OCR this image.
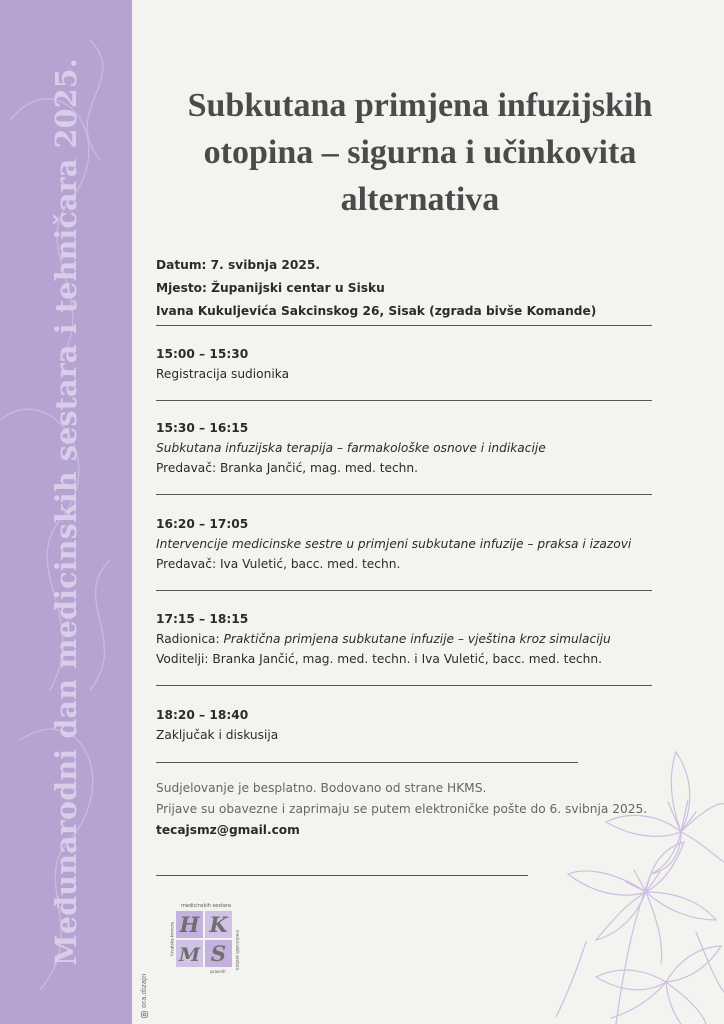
Međunarodni dan medicinskih sestara i tehničara 2025.
ora.dizajn
Subkutana primjena infuzijskih otopina – sigurna i učinkovita alternativa
Datum: 7. svibnja 2025.
Mjesto: Županijski centar u Sisku
Ivana Kukuljevića Sakcinskog 26, Sisak (zgrada bivše Komande)
15:00 – 15:30
Registracija sudionika
15:30 – 16:15
Subkutana infuzijska terapija – farmakološke osnove i indikacije
Predavač: Branka Jančić, mag. med. techn.
16:20 – 17:05
Intervencije medicinske sestre u primjeni subkutane infuzije – praksa i izazovi
Predavač: Iva Vuletić, bacc. med. techn.
17:15 – 18:15
Radionica: Praktična primjena subkutane infuzije – vještina kroz simulaciju
Voditelji: Branka Jančić, mag. med. techn. i Iva Vuletić, bacc. med. techn.
18:20 – 18:40
Zaključak i diskusija
Sudjelovanje je besplatno. Bodovano od strane HKMS.
Prijave su obavezne i zaprimaju se putem elektroničke pošte do 6. svibnja 2025.
tecajsmz@gmail.com
medicinskih sestara
H K
M S
hrvatska komora	medicinskih sestara
pravnih
